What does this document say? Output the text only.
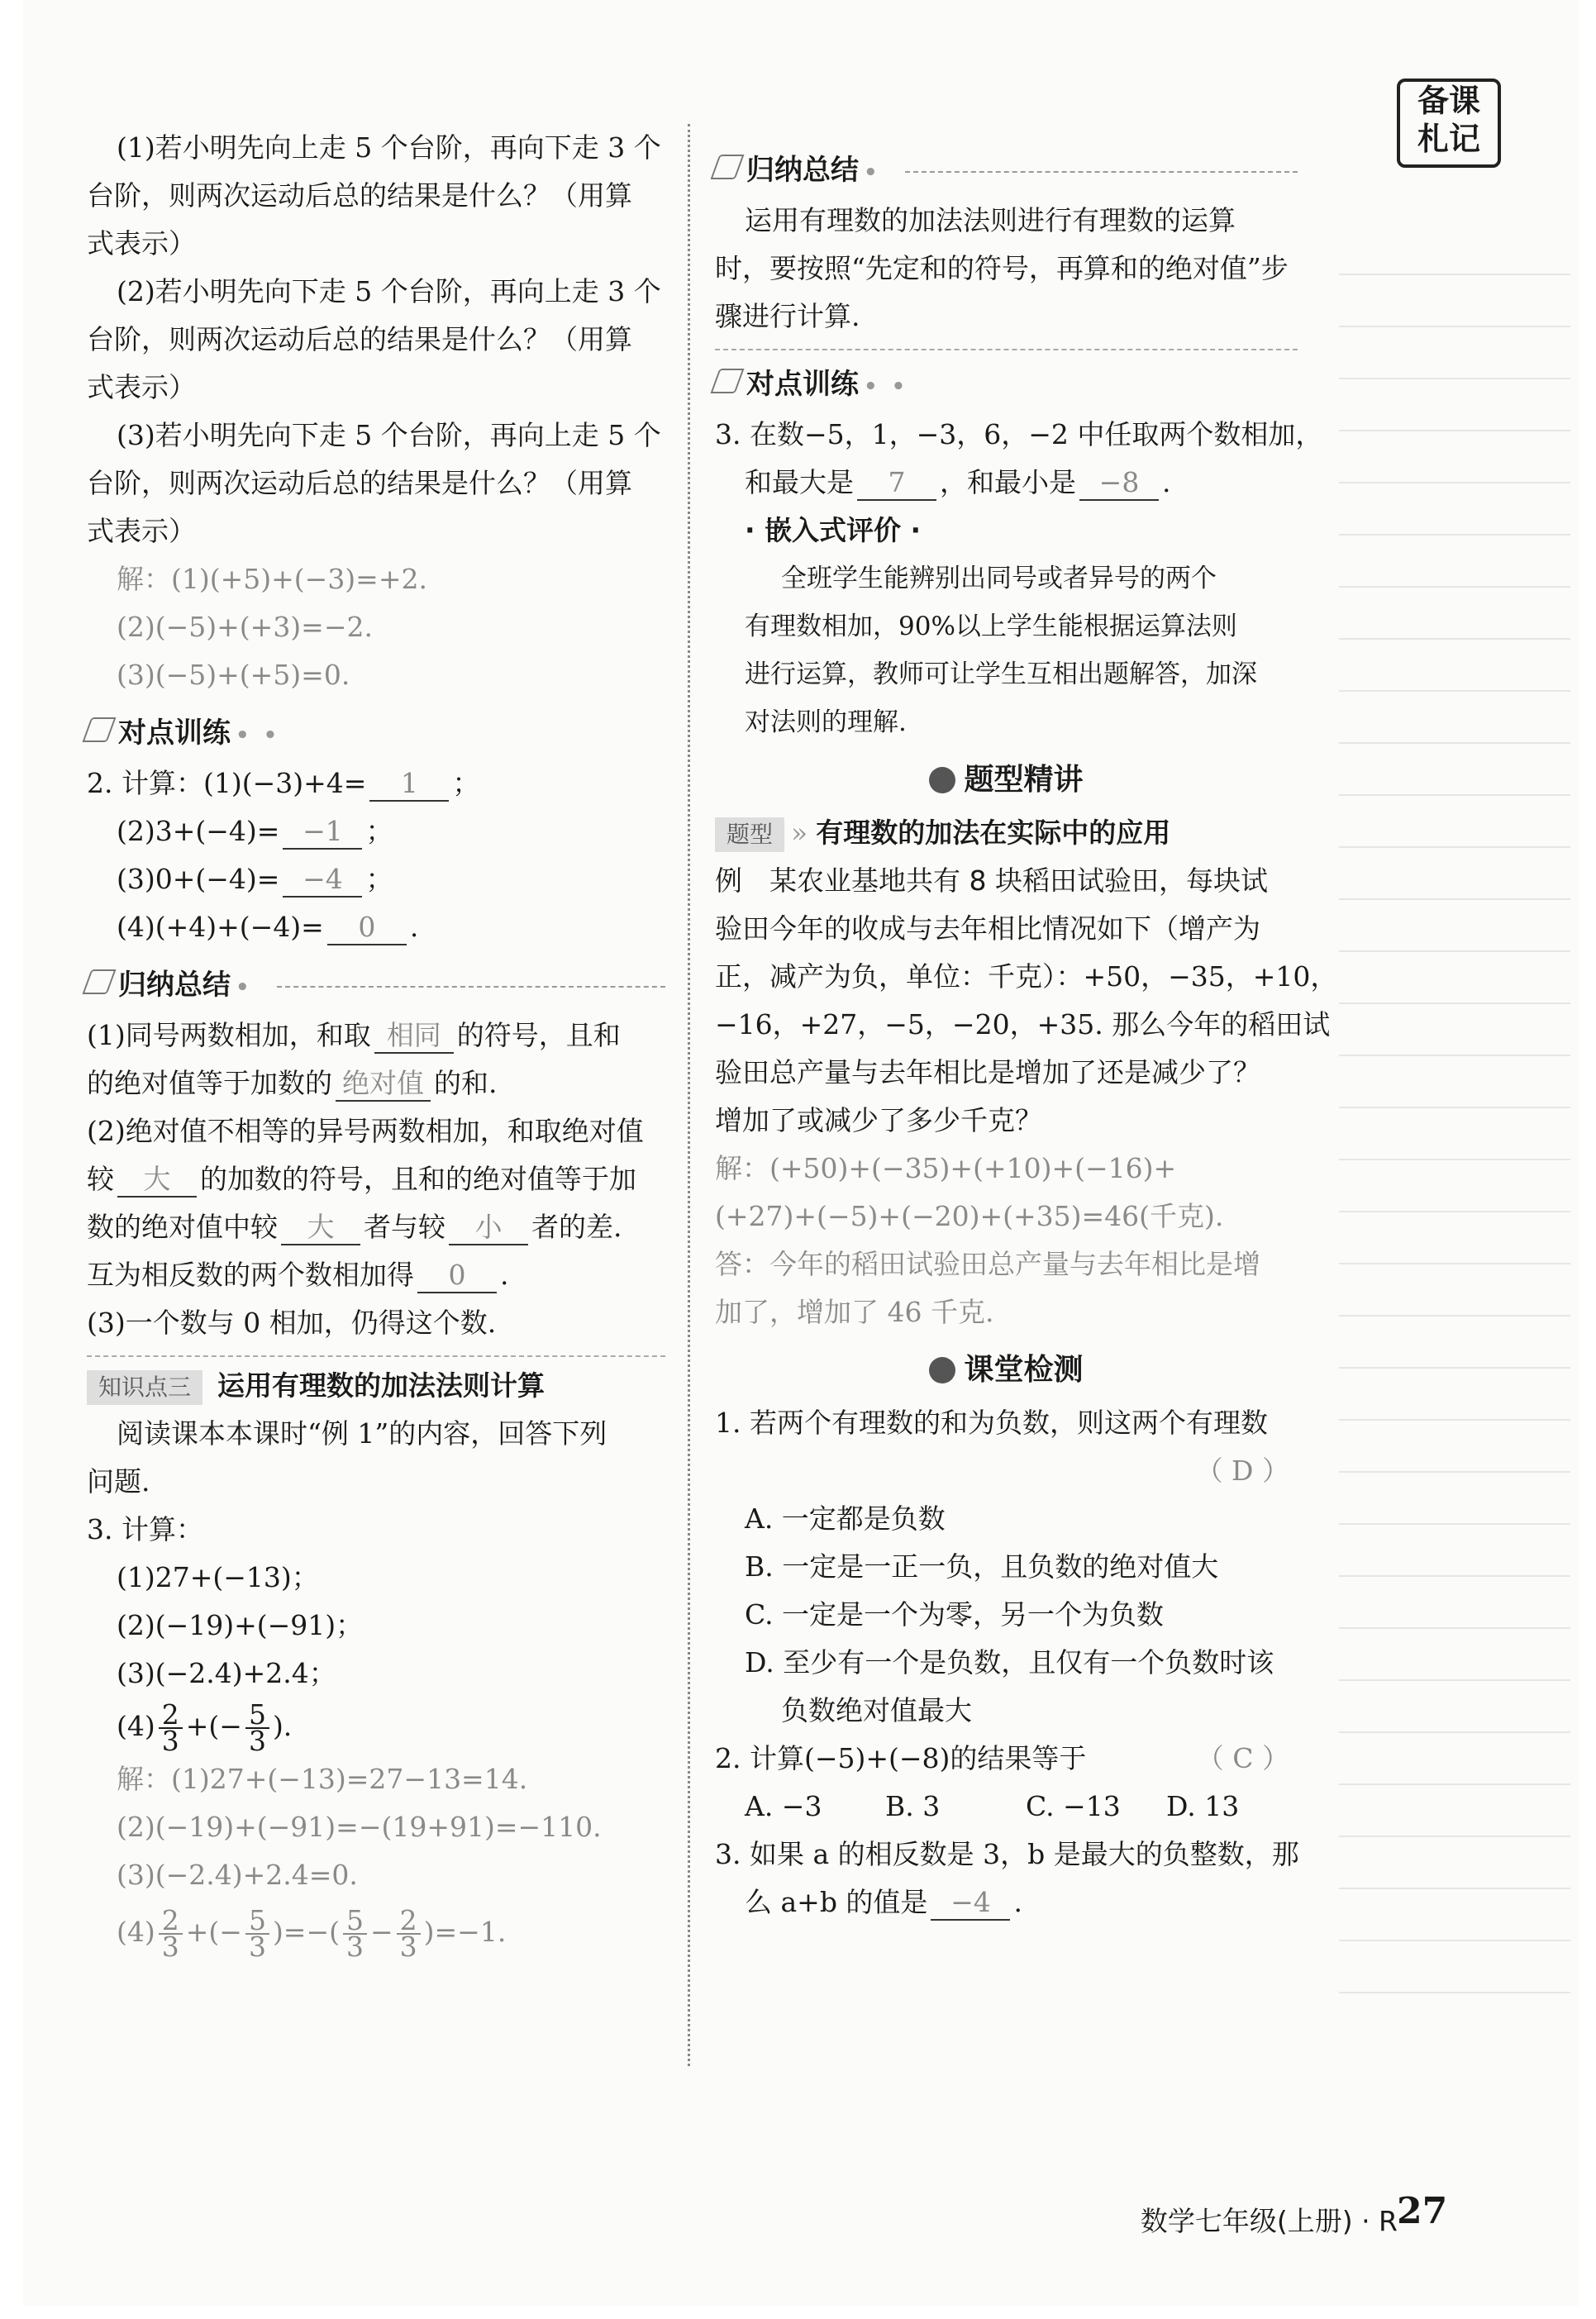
备课
札记
(1)若小明先向上走 5 个台阶，再向下走 3 个
台阶，则两次运动后总的结果是什么？（用算
式表示）
(2)若小明先向下走 5 个台阶，再向上走 3 个
台阶，则两次运动后总的结果是什么？（用算
式表示）
(3)若小明先向下走 5 个台阶，再向上走 5 个
台阶，则两次运动后总的结果是什么？（用算
式表示）
解：(1)(+5)+(−3)=+2.
(2)(−5)+(+3)=−2.
(3)(−5)+(+5)=0.
对点训练 • •
2. 计算：(1)(−3)+4= 1 ；
(2)3+(−4)= −1 ；
(3)0+(−4)= −4 ；
(4)(+4)+(−4)= 0 .
归纳总结 •
(1)同号两数相加，和取 相同 的符号，且和
的绝对值等于加数的 绝对值 的和.
(2)绝对值不相等的异号两数相加，和取绝对值
较 大 的加数的符号，且和的绝对值等于加
数的绝对值中较 大 者与较 小 者的差.
互为相反数的两个数相加得 0 .
(3)一个数与 0 相加，仍得这个数.
知识点三 运用有理数的加法法则计算
阅读课本本课时“例 1”的内容，回答下列
问题.
3. 计算：
(1)27+(−13)；
(2)(−19)+(−91)；
(3)(−2.4)+2.4；
$(4) \frac{2}{3}$ +(− $\frac{5}{3}$ ).
解：(1)27+(−13)=27−13=14.
(2)(−19)+(−91)=−(19+91)=−110.
(3)(−2.4)+2.4=0.
$(4) \frac{2}{3}$ +(− $\frac{5}{3}$ )=−( $\frac{5}{3} - \frac{2}{3} )=-1$.
归纳总结 •
运用有理数的加法法则进行有理数的运算
时，要按照“先定和的符号，再算和的绝对值”步
骤进行计算.
对点训练 • •
3. 在数−5，1，−3，6，−2 中任取两个数相加，
和最大是 7 ，和最小是 −8 .
· 嵌入式评价 ·
全班学生能辨别出同号或者异号的两个
有理数相加，90%以上学生能根据运算法则
进行运算，教师可让学生互相出题解答，加深
对法则的理解.
题型精讲
题型 » 有理数的加法在实际中的应用
例　某农业基地共有 8 块稻田试验田，每块试
验田今年的收成与去年相比情况如下（增产为
正，减产为负，单位：千克）：+50，−35，+10，
−16，+27，−5，−20，+35. 那么今年的稻田试
验田总产量与去年相比是增加了还是减少了？
增加了或减少了多少千克？
解：(+50)+(−35)+(+10)+(−16)+
(+27)+(−5)+(−20)+(+35)=46(千克).
答：今年的稻田试验田总产量与去年相比是增
加了，增加了 46 千克.
课堂检测
1. 若两个有理数的和为负数，则这两个有理数
（ D ）
A. 一定都是负数
B. 一定是一正一负，且负数的绝对值大
C. 一定是一个为零，另一个为负数
D. 至少有一个是负数，且仅有一个负数时该
负数绝对值最大
2. 计算(−5)+(−8)的结果等于	（ C ）
A. −3 B. 3	C. −13 D. 13
3. 如果 a 的相反数是 3，b 是最大的负整数，那
么 a+b 的值是 −4 .
数学七年级(上册) · R 27
